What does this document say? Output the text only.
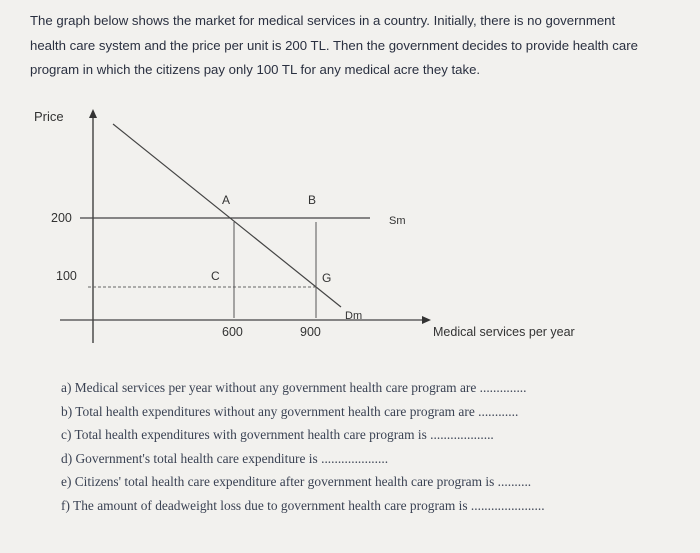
The graph below shows the market for medical services in a country. Initially, there is no government

health care system and the price per unit is 200 TL. Then the government decides to provide health care

program in which the citizens pay only 100 TL for any medical acre they take.

Price
200
100
600	900
A	B
C	G
Sm
Dm
Medical services per year
a) Medical services per year without any government health care program are ..............
b) Total health expenditures without any government health care program are ............
c) Total health expenditures with government health care program is ...................
d) Government's total health care expenditure is ....................
e) Citizens' total health care expenditure after government health care program is ..........
f) The amount of deadweight loss due to government health care program is ......................
